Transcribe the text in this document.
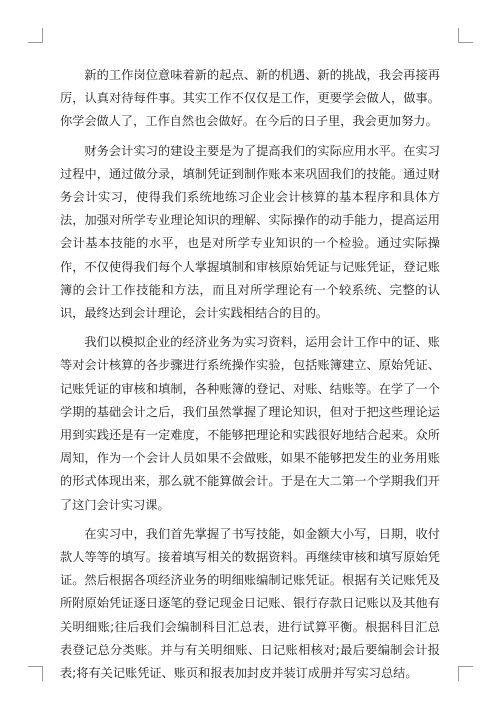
新的工作岗位意味着新的起点、新的机遇、新的挑战，我会再接再厉，认真对待每件事。其实工作不仅仅是工作，更要学会做人，做事。你学会做人了，工作自然也会做好。在今后的日子里，我会更加努力。

财务会计实习的建设主要是为了提高我们的实际应用水平。在实习过程中，通过做分录，填制凭证到制作账本来巩固我们的技能。通过财务会计实习，使得我们系统地练习企业会计核算的基本程序和具体方法，加强对所学专业理论知识的理解、实际操作的动手能力，提高运用会计基本技能的水平，也是对所学专业知识的一个检验。通过实际操作，不仅使得我们每个人掌握填制和审核原始凭证与记账凭证，登记账簿的会计工作技能和方法，而且对所学理论有一个较系统、完整的认识，最终达到会计理论，会计实践相结合的目的。

我们以模拟企业的经济业务为实习资料，运用会计工作中的证、账等对会计核算的各步骤进行系统操作实验，包括账簿建立、原始凭证、记账凭证的审核和填制，各种账簿的登记、对账、结账等。在学了一个学期的基础会计之后，我们虽然掌握了理论知识，但对于把这些理论运用到实践还是有一定难度，不能够把理论和实践很好地结合起来。众所周知，作为一个会计人员如果不会做账，如果不能够把发生的业务用账的形式体现出来，那么就不能算做会计。于是在大二第一个学期我们开了这门会计实习课。

在实习中，我们首先掌握了书写技能，如金额大小写，日期，收付款人等等的填写。接着填写相关的数据资料。再继续审核和填写原始凭证。然后根据各项经济业务的明细账编制记账凭证。根据有关记账凭及所附原始凭证逐日逐笔的登记现金日记账、银行存款日记账以及其他有关明细账;往后我们会编制科目汇总表，进行试算平衡。根据科目汇总表登记总分类账。并与有关明细账、日记账相核对;最后要编制会计报表;将有关记账凭证、账页和报表加封皮并装订成册并写实习总结。
